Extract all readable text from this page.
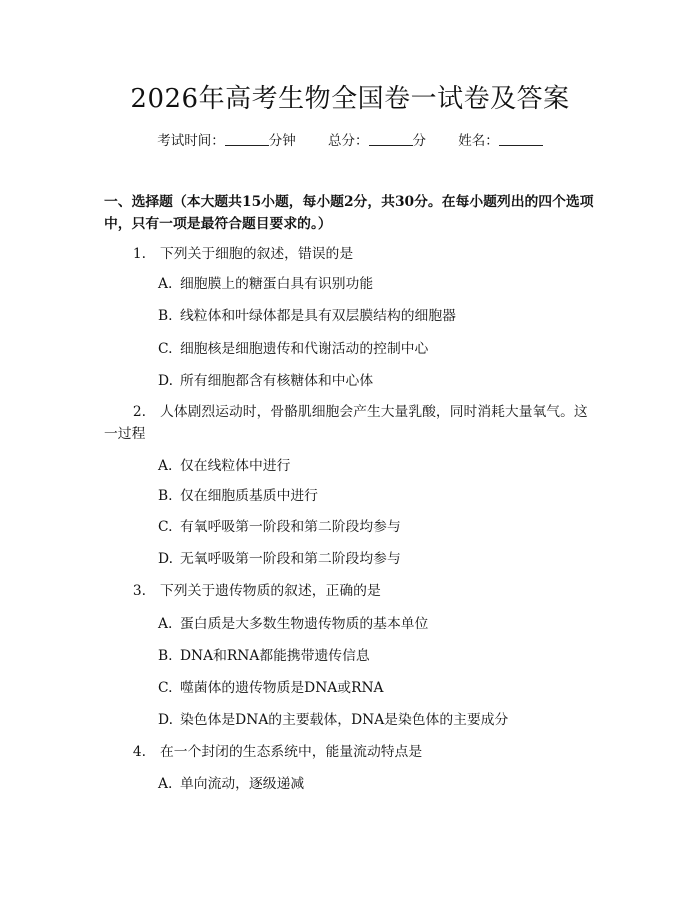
2026年高考生物全国卷一试卷及答案
考试时间：	分钟 总分：	分 姓名：
一、选择题（本大题共15小题，每小题2分，共30分。在每小题列出的四个选项中，只有一项是最符合题目要求的。）
1. 下列关于细胞的叙述，错误的是
A. 细胞膜上的糖蛋白具有识别功能
B. 线粒体和叶绿体都是具有双层膜结构的细胞器
C. 细胞核是细胞遗传和代谢活动的控制中心
D. 所有细胞都含有核糖体和中心体
2. 人体剧烈运动时，骨骼肌细胞会产生大量乳酸，同时消耗大量氧气。这一过程
A. 仅在线粒体中进行
B. 仅在细胞质基质中进行
C. 有氧呼吸第一阶段和第二阶段均参与
D. 无氧呼吸第一阶段和第二阶段均参与
3. 下列关于遗传物质的叙述，正确的是
A. 蛋白质是大多数生物遗传物质的基本单位
B. DNA和RNA都能携带遗传信息
C. 噬菌体的遗传物质是DNA或RNA
D. 染色体是DNA的主要载体，DNA是染色体的主要成分
4. 在一个封闭的生态系统中，能量流动特点是
A. 单向流动，逐级递减
